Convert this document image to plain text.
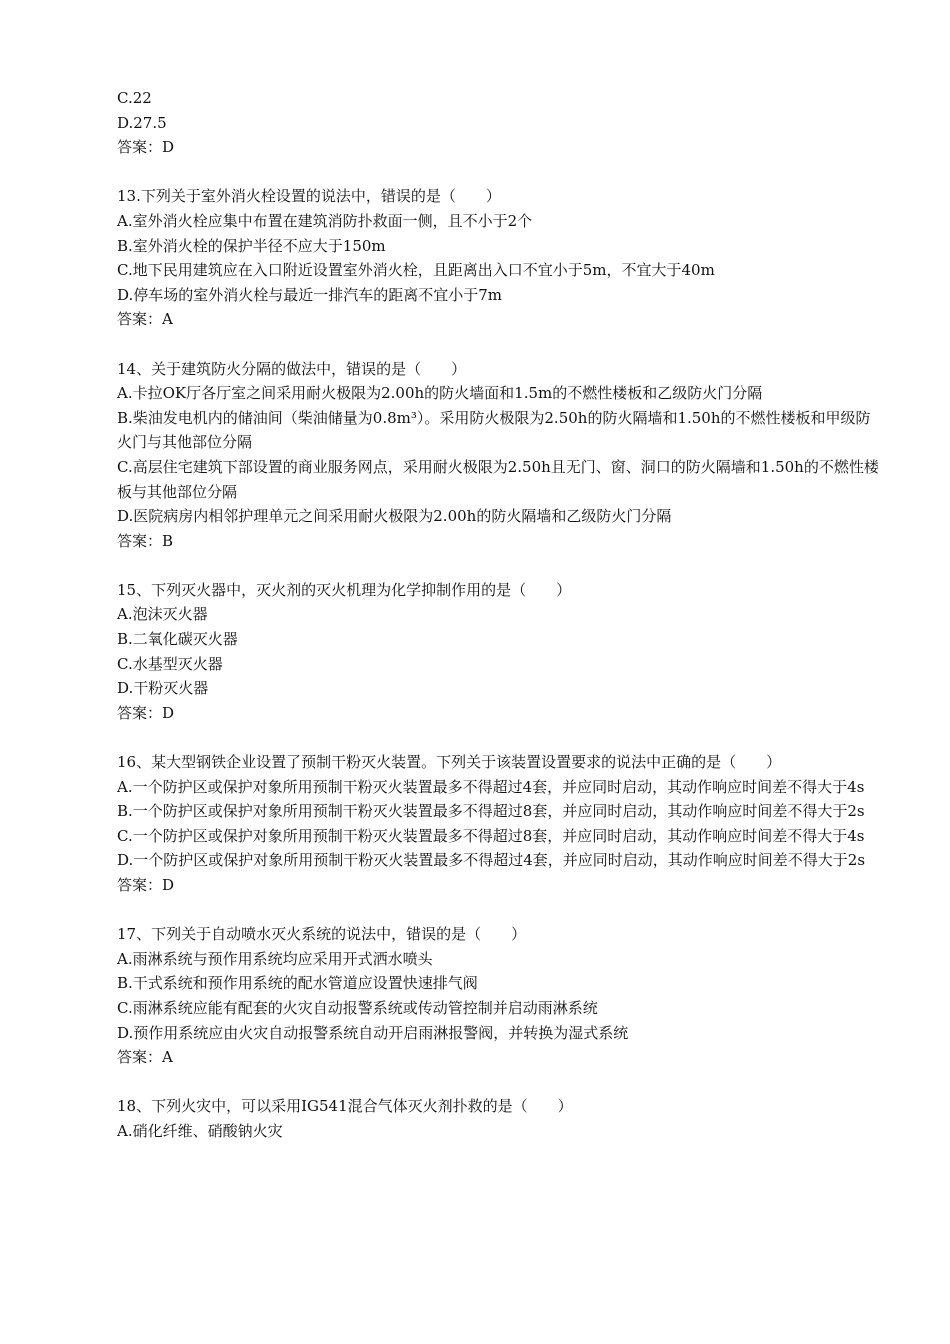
C.22
D.27.5
答案：D
13.下列关于室外消火栓设置的说法中，错误的是（　　）
A.室外消火栓应集中布置在建筑消防扑救面一侧，且不小于2个
B.室外消火栓的保护半径不应大于150m
C.地下民用建筑应在入口附近设置室外消火栓，且距离出入口不宜小于5m，不宜大于40m
D.停车场的室外消火栓与最近一排汽车的距离不宜小于7m
答案：A
14、关于建筑防火分隔的做法中，错误的是（　　）
A.卡拉OK厅各厅室之间采用耐火极限为2.00h的防火墙面和1.5m的不燃性楼板和乙级防火门分隔
B.柴油发电机内的储油间（柴油储量为0.8m³）。采用防火极限为2.50h的防火隔墙和1.50h的不燃性楼板和甲级防火门与其他部位分隔
C.高层住宅建筑下部设置的商业服务网点，采用耐火极限为2.50h且无门、窗、洞口的防火隔墙和1.50h的不燃性楼板与其他部位分隔
D.医院病房内相邻护理单元之间采用耐火极限为2.00h的防火隔墙和乙级防火门分隔
答案：B
15、下列灭火器中，灭火剂的灭火机理为化学抑制作用的是（　　）
A.泡沫灭火器
B.二氧化碳灭火器
C.水基型灭火器
D.干粉灭火器
答案：D
16、某大型钢铁企业设置了预制干粉灭火装置。下列关于该装置设置要求的说法中正确的是（　　）
A.一个防护区或保护对象所用预制干粉灭火装置最多不得超过4套，并应同时启动，其动作响应时间差不得大于4s
B.一个防护区或保护对象所用预制干粉灭火装置最多不得超过8套，并应同时启动，其动作响应时间差不得大于2s
C.一个防护区或保护对象所用预制干粉灭火装置最多不得超过8套，并应同时启动，其动作响应时间差不得大于4s
D.一个防护区或保护对象所用预制干粉灭火装置最多不得超过4套，并应同时启动，其动作响应时间差不得大于2s
答案：D
17、下列关于自动喷水灭火系统的说法中，错误的是（　　）
A.雨淋系统与预作用系统均应采用开式洒水喷头
B.干式系统和预作用系统的配水管道应设置快速排气阀
C.雨淋系统应能有配套的火灾自动报警系统或传动管控制并启动雨淋系统
D.预作用系统应由火灾自动报警系统自动开启雨淋报警阀，并转换为湿式系统
答案：A
18、下列火灾中，可以采用IG541混合气体灭火剂扑救的是（　　）
A.硝化纤维、硝酸钠火灾
